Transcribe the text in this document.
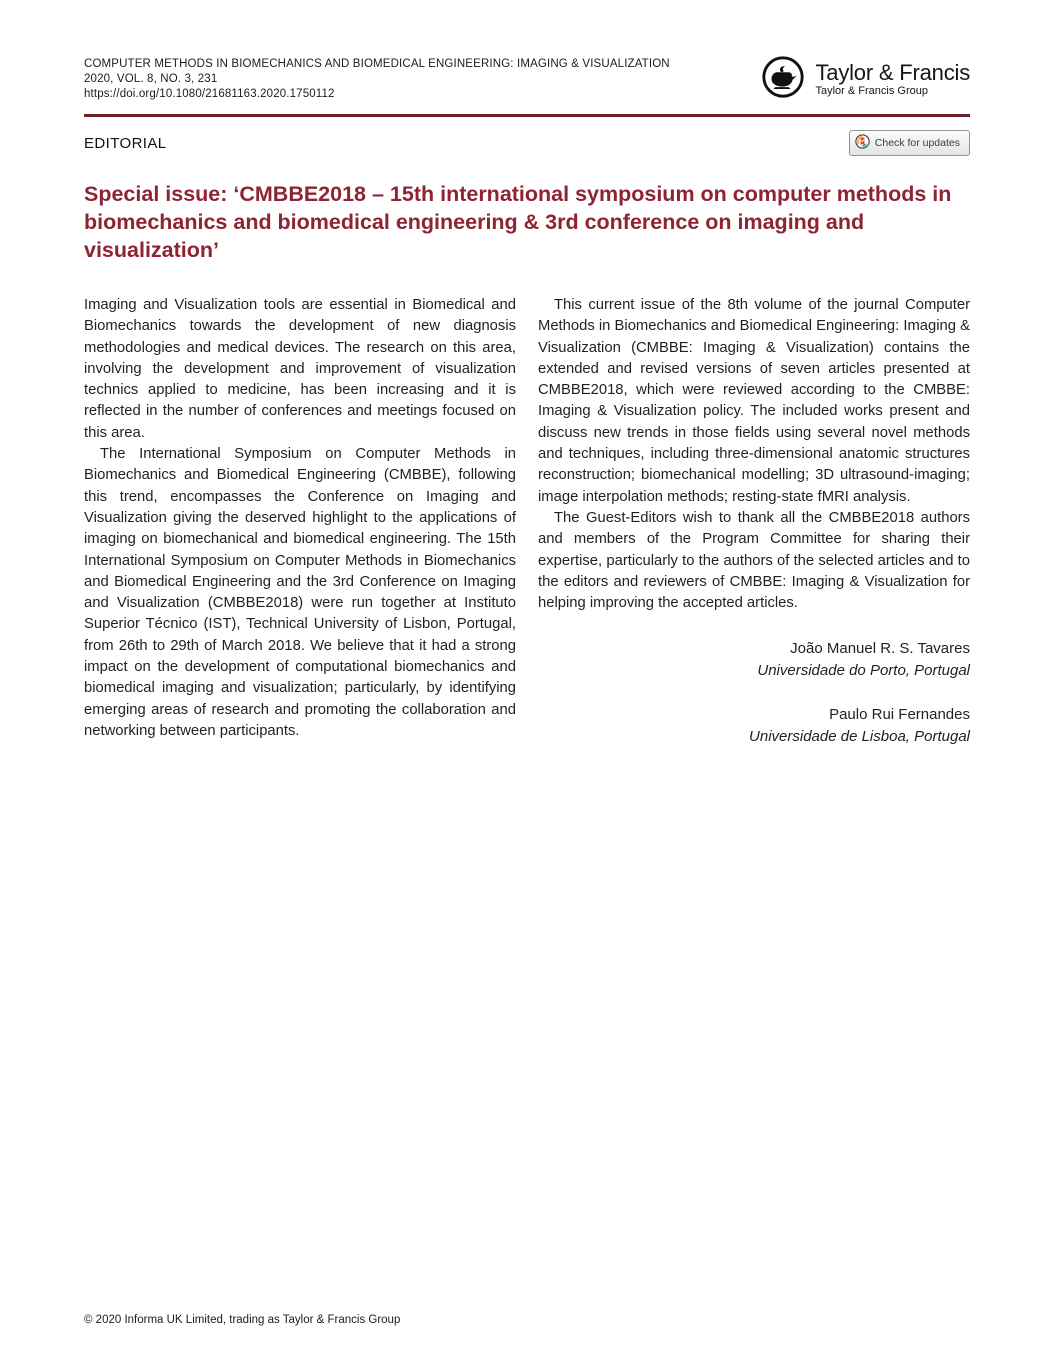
COMPUTER METHODS IN BIOMECHANICS AND BIOMEDICAL ENGINEERING: IMAGING & VISUALIZATION
2020, VOL. 8, NO. 3, 231
https://doi.org/10.1080/21681163.2020.1750112
Taylor & Francis
Taylor & Francis Group
EDITORIAL	Check for updates
Special issue: ‘CMBBE2018 – 15th international symposium on computer methods in biomechanics and biomedical engineering & 3rd conference on imaging and visualization’

Imaging and Visualization tools are essential in Biomedical and Biomechanics towards the development of new diagnosis methodologies and medical devices. The research on this area, involving the development and improvement of visualization technics applied to medicine, has been increasing and it is reflected in the number of conferences and meetings focused on this area.

The International Symposium on Computer Methods in Biomechanics and Biomedical Engineering (CMBBE), following this trend, encompasses the Conference on Imaging and Visualization giving the deserved highlight to the applications of imaging on biomechanical and biomedical engineering. The 15th International Symposium on Computer Methods in Biomechanics and Biomedical Engineering and the 3rd Conference on Imaging and Visualization (CMBBE2018) were run together at Instituto Superior Técnico (IST), Technical University of Lisbon, Portugal, from 26th to 29th of March 2018. We believe that it had a strong impact on the development of computational biomechanics and biomedical imaging and visualization; particularly, by identifying emerging areas of research and promoting the collaboration and networking between participants.

This current issue of the 8th volume of the journal Computer Methods in Biomechanics and Biomedical Engineering: Imaging & Visualization (CMBBE: Imaging & Visualization) contains the extended and revised versions of seven articles presented at CMBBE2018, which were reviewed according to the CMBBE: Imaging & Visualization policy. The included works present and discuss new trends in those fields using several novel methods and techniques, including three-dimensional anatomic structures reconstruction; biomechanical modelling; 3D ultrasound-imaging; image interpolation methods; resting-state fMRI analysis.

The Guest-Editors wish to thank all the CMBBE2018 authors and members of the Program Committee for sharing their expertise, particularly to the authors of the selected articles and to the editors and reviewers of CMBBE: Imaging & Visualization for helping improving the accepted articles.

João Manuel R. S. Tavares
Universidade do Porto, Portugal
Paulo Rui Fernandes
Universidade de Lisboa, Portugal
© 2020 Informa UK Limited, trading as Taylor & Francis Group
